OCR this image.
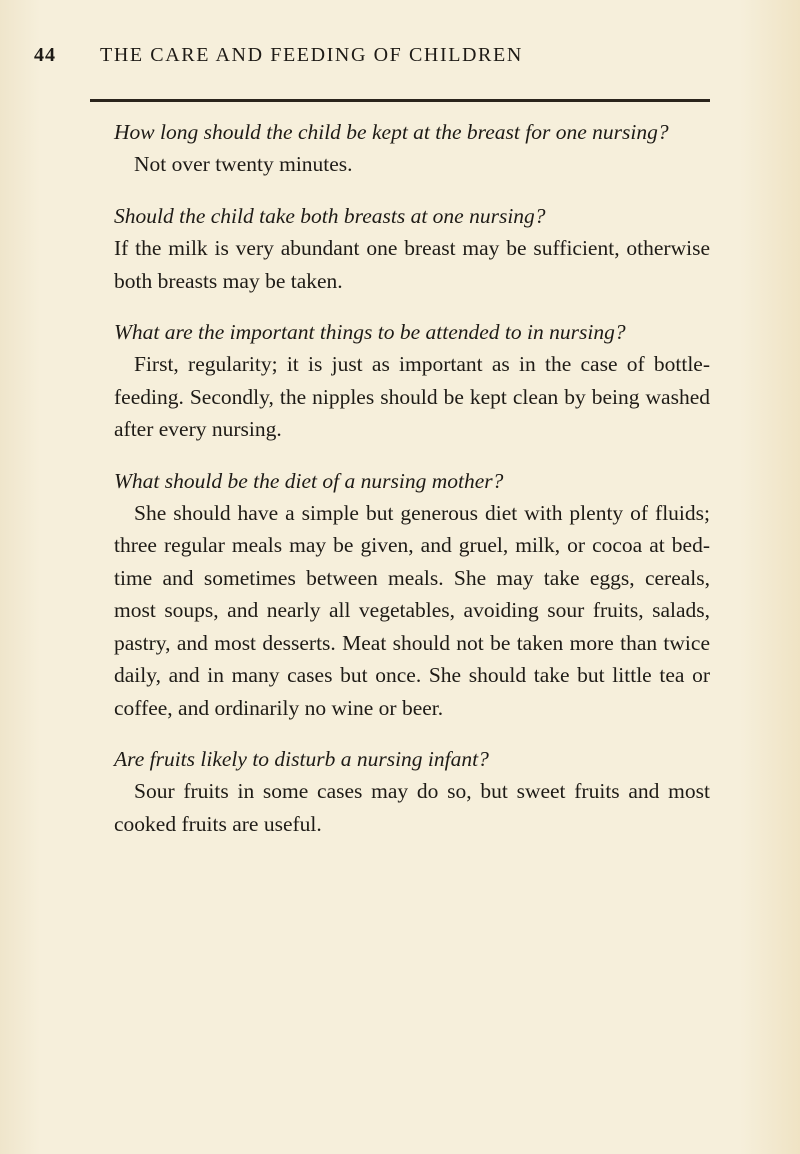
44	THE CARE AND FEEDING OF CHILDREN

How long should the child be kept at the breast for one nursing?

Not over twenty minutes.

Should the child take both breasts at one nursing?

If the milk is very abundant one breast may be sufficient, otherwise both breasts may be taken.

What are the important things to be attended to in nursing?

First, regularity; it is just as important as in the case of bottle-feeding. Secondly, the nipples should be kept clean by being washed after every nursing.

What should be the diet of a nursing mother?

She should have a simple but generous diet with plenty of fluids; three regular meals may be given, and gruel, milk, or cocoa at bed-time and sometimes between meals. She may take eggs, cereals, most soups, and nearly all vegetables, avoiding sour fruits, salads, pastry, and most desserts. Meat should not be taken more than twice daily, and in many cases but once. She should take but little tea or coffee, and ordinarily no wine or beer.

Are fruits likely to disturb a nursing infant?

Sour fruits in some cases may do so, but sweet fruits and most cooked fruits are useful.
